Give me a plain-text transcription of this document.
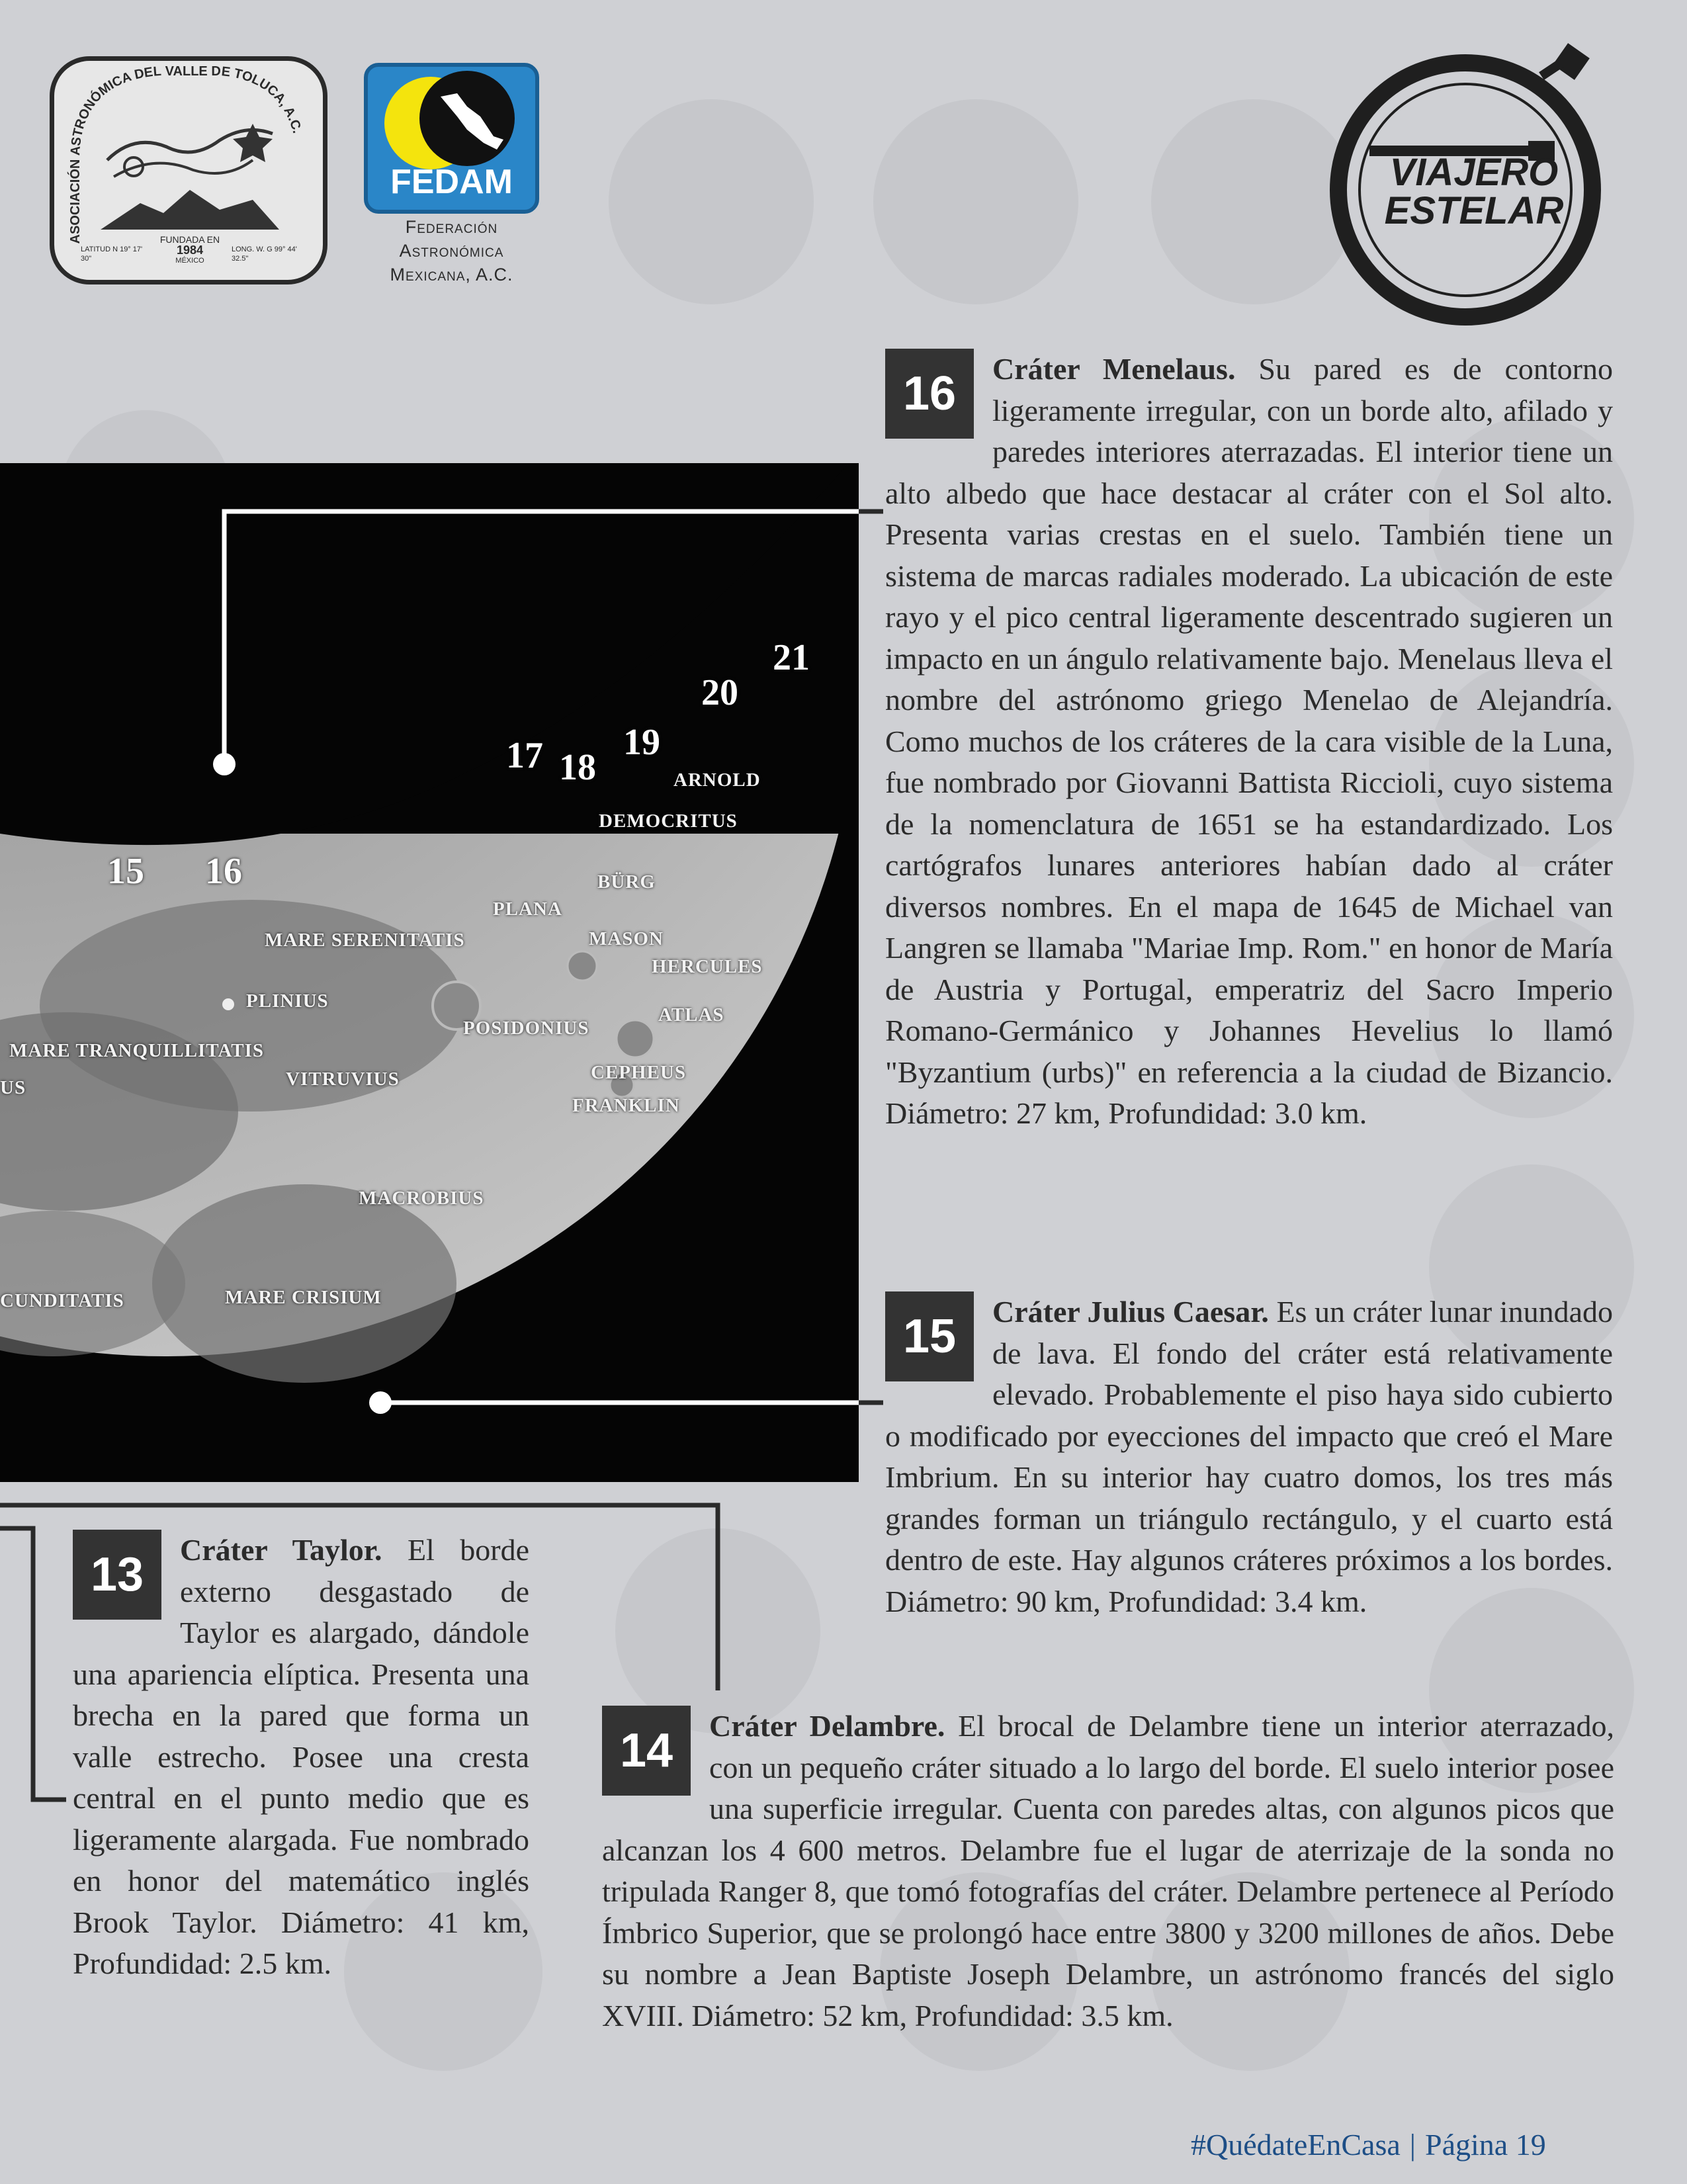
ASOCIACIÓN ASTRONÓMICA DEL VALLE DE TOLUCA, A.C.
FUNDADA EN
1984
MÉXICO
LATITUD N 19° 17' 30"
LONG. W. G 99° 44' 32.5"
FEDAM
Federación
Astronómica
Mexicana, A.C.
VIAJERO
ESTELAR
15 16
17 18
19
20
21
MARE SERENITATIS
PLINIUS
MARE TRANQUILLITATIS
US	VITRUVIUS
MACROBIUS
CUNDITATIS	MARE CRISIUM
PLANA
POSIDONIUS
ARNOLD
DEMOCRITUS
BÜRG
MASON
HERCULES
ATLAS
CEPHEUS
FRANKLIN
16	Cráter Menelaus. Su pared es de contorno ligeramente irregular, con un borde alto, afilado y paredes interiores aterrazadas. El interior tiene un alto albedo que hace destacar al cráter con el Sol alto. Presenta varias crestas en el suelo. También tiene un sistema de marcas radiales moderado. La ubicación de este rayo y el pico central ligeramente descentrado sugieren un impacto en un ángulo relativamente bajo. Menelaus lleva el nombre del astrónomo griego Menelao de Alejandría. Como muchos de los cráteres de la cara visible de la Luna, fue nombrado por Giovanni Battista Riccioli, cuyo sistema de la nomenclatura de 1651 se ha estandardizado. Los cartógrafos lunares anteriores habían dado al cráter diversos nombres. En el mapa de 1645 de Michael van Langren se llamaba "Mariae Imp. Rom." en honor de María de Austria y Portugal, emperatriz del Sacro Imperio Romano-Germánico y Johannes Hevelius lo llamó "Byzantium (urbs)" en referencia a la ciudad de Bizancio. Diámetro: 27 km, Profundidad: 3.0 km.
15	Cráter Julius Caesar. Es un cráter lunar inundado de lava. El fondo del cráter está relativamente elevado. Probablemente el piso haya sido cubierto o modificado por eyecciones del impacto que creó el Mare Imbrium. En su interior hay cuatro domos, los tres más grandes forman un triángulo rectángulo, y el cuarto está dentro de este. Hay algunos cráteres próximos a los bordes. Diámetro: 90 km, Profundidad: 3.4 km.
13	Cráter Taylor. El borde externo desgastado de Taylor es alargado, dándole una apariencia elíptica. Presenta una brecha en la pared que forma un valle estrecho. Posee una cresta central en el punto medio que es ligeramente alargada. Fue nombrado en honor del matemático inglés Brook Taylor. Diámetro: 41 km, Profundidad: 2.5 km.
14	Cráter Delambre. El brocal de Delambre tiene un interior aterrazado, con un pequeño cráter situado a lo largo del borde. El suelo interior posee una superficie irregular. Cuenta con paredes altas, con algunos picos que alcanzan los 4 600 metros. Delambre fue el lugar de aterrizaje de la sonda no tripulada Ranger 8, que tomó fotografías del cráter. Delambre pertenece al Período Ímbrico Superior, que se prolongó hace entre 3800 y 3200 millones de años. Debe su nombre a Jean Baptiste Joseph Delambre, un astrónomo francés del siglo XVIII. Diámetro: 52 km, Profundidad: 3.5 km.
#QuédateEnCasa | Página 19
